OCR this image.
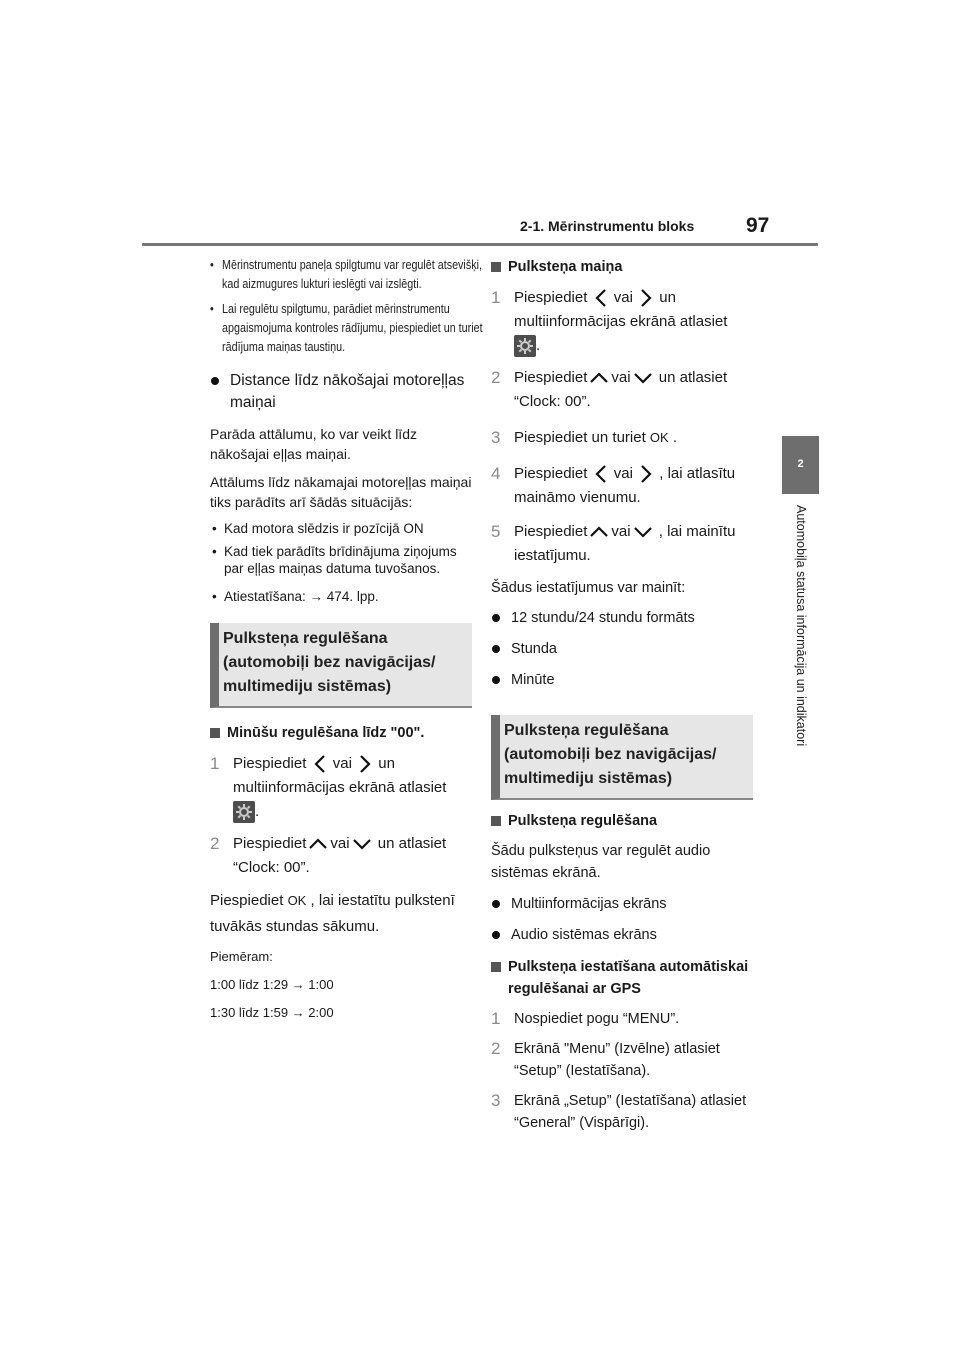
2-1. Mērinstrumentu bloks 97
2
Automobiļa statusa informācija un indikatori
• Mērinstrumentu paneļa spilgtumu var regulēt atsevišķi, kad aizmugures lukturi ieslēgti vai izslēgti.
• Lai regulētu spilgtumu, parādiet mērinstrumentu apgaismojuma kontroles rādījumu, piespiediet un turiet rādījuma maiņas taustiņu.
Distance līdz nākošajai motoreļļas maiņai

Parāda attālumu, ko var veikt līdz nākošajai eļļas maiņai.

Attālums līdz nākamajai motoreļļas maiņai tiks parādīts arī šādās situācijās:

• Kad motora slēdzis ir pozīcijā ON
• Kad tiek parādīts brīdinājuma ziņojums par eļļas maiņas datuma tuvošanos.
• Atiestatīšana: → 474. lpp.
Pulksteņa regulēšana (automobiļi bez navigācijas/ multimediju sistēmas)
Minūšu regulēšana līdz "00".
1 Piespiediet vai un multiinformācijas ekrānā atlasiet

.
2 Piespiediet vai un atlasiet “Clock: 00”.

Piespiediet OK , lai iestatītu pulkstenī tuvākās stundas sākumu.

Piemēram:

1:00 līdz 1:29 → 1:00

1:30 līdz 1:59 → 2:00

Pulksteņa maiņa
1 Piespiediet vai un multiinformācijas ekrānā atlasiet

.
2 Piespiediet vai un atlasiet “Clock: 00”.
3 Piespiediet un turiet OK .
4 Piespiediet vai , lai atlasītu maināmo vienumu.
5 Piespiediet vai , lai mainītu iestatījumu.

Šādus iestatījumus var mainīt:

12 stundu/24 stundu formāts
Stunda
Minūte
Pulksteņa regulēšana (automobiļi bez navigācijas/ multimediju sistēmas)
Pulksteņa regulēšana

Šādu pulksteņus var regulēt audio sistēmas ekrānā.

Multiinformācijas ekrāns
Audio sistēmas ekrāns
Pulksteņa iestatīšana automātiskai regulēšanai ar GPS
1 Nospiediet pogu “MENU”.
2 Ekrānā "Menu” (Izvēlne) atlasiet “Setup” (Iestatīšana).
3 Ekrānā „Setup” (Iestatīšana) atlasiet “General” (Vispārīgi).
